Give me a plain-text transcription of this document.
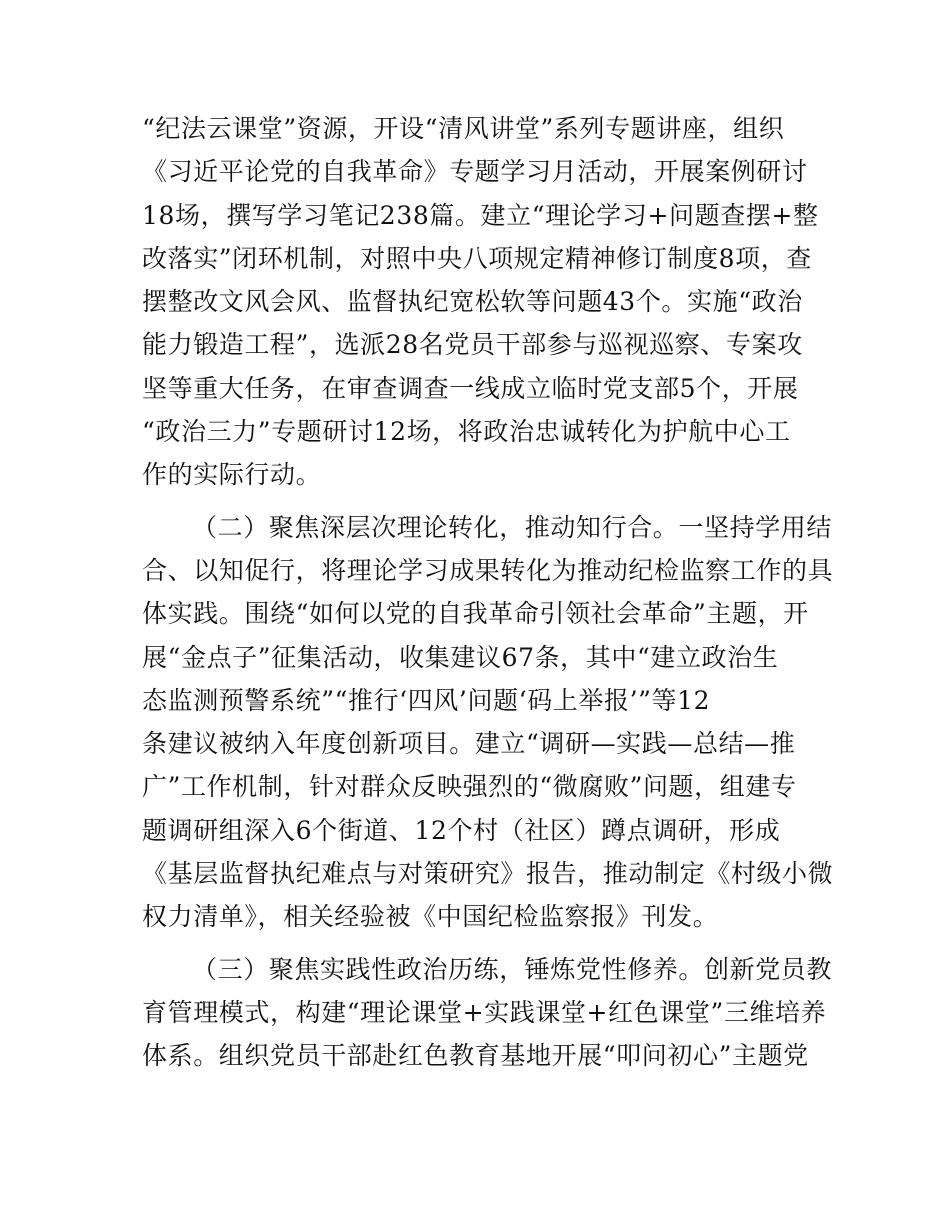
“纪法云课堂”资源，开设“清风讲堂”系列专题讲座，组织
《习近平论党的自我革命》专题学习月活动，开展案例研讨
18场，撰写学习笔记238篇。建立“理论学习+问题查摆+整
改落实”闭环机制，对照中央八项规定精神修订制度8项，查
摆整改文风会风、监督执纪宽松软等问题43个。实施“政治
能力锻造工程”，选派28名党员干部参与巡视巡察、专案攻
坚等重大任务，在审查调查一线成立临时党支部5个，开展
“政治三力”专题研讨12场，将政治忠诚转化为护航中心工
作的实际行动。

（二）聚焦深层次理论转化，推动知行合。一坚持学用结
合、以知促行，将理论学习成果转化为推动纪检监察工作的具
体实践。围绕“如何以党的自我革命引领社会革命”主题，开
展“金点子”征集活动，收集建议67条，其中“建立政治生
态监测预警系统”“推行‘四风’问题‘码上举报’”等12
条建议被纳入年度创新项目。建立“调研—实践—总结—推
广”工作机制，针对群众反映强烈的“微腐败”问题，组建专
题调研组深入6个街道、12个村（社区）蹲点调研，形成
《基层监督执纪难点与对策研究》报告，推动制定《村级小微
权力清单》，相关经验被《中国纪检监察报》刊发。

（三）聚焦实践性政治历练，锤炼党性修养。创新党员教
育管理模式，构建“理论课堂+实践课堂+红色课堂”三维培养
体系。组织党员干部赴红色教育基地开展“叩问初心”主题党
